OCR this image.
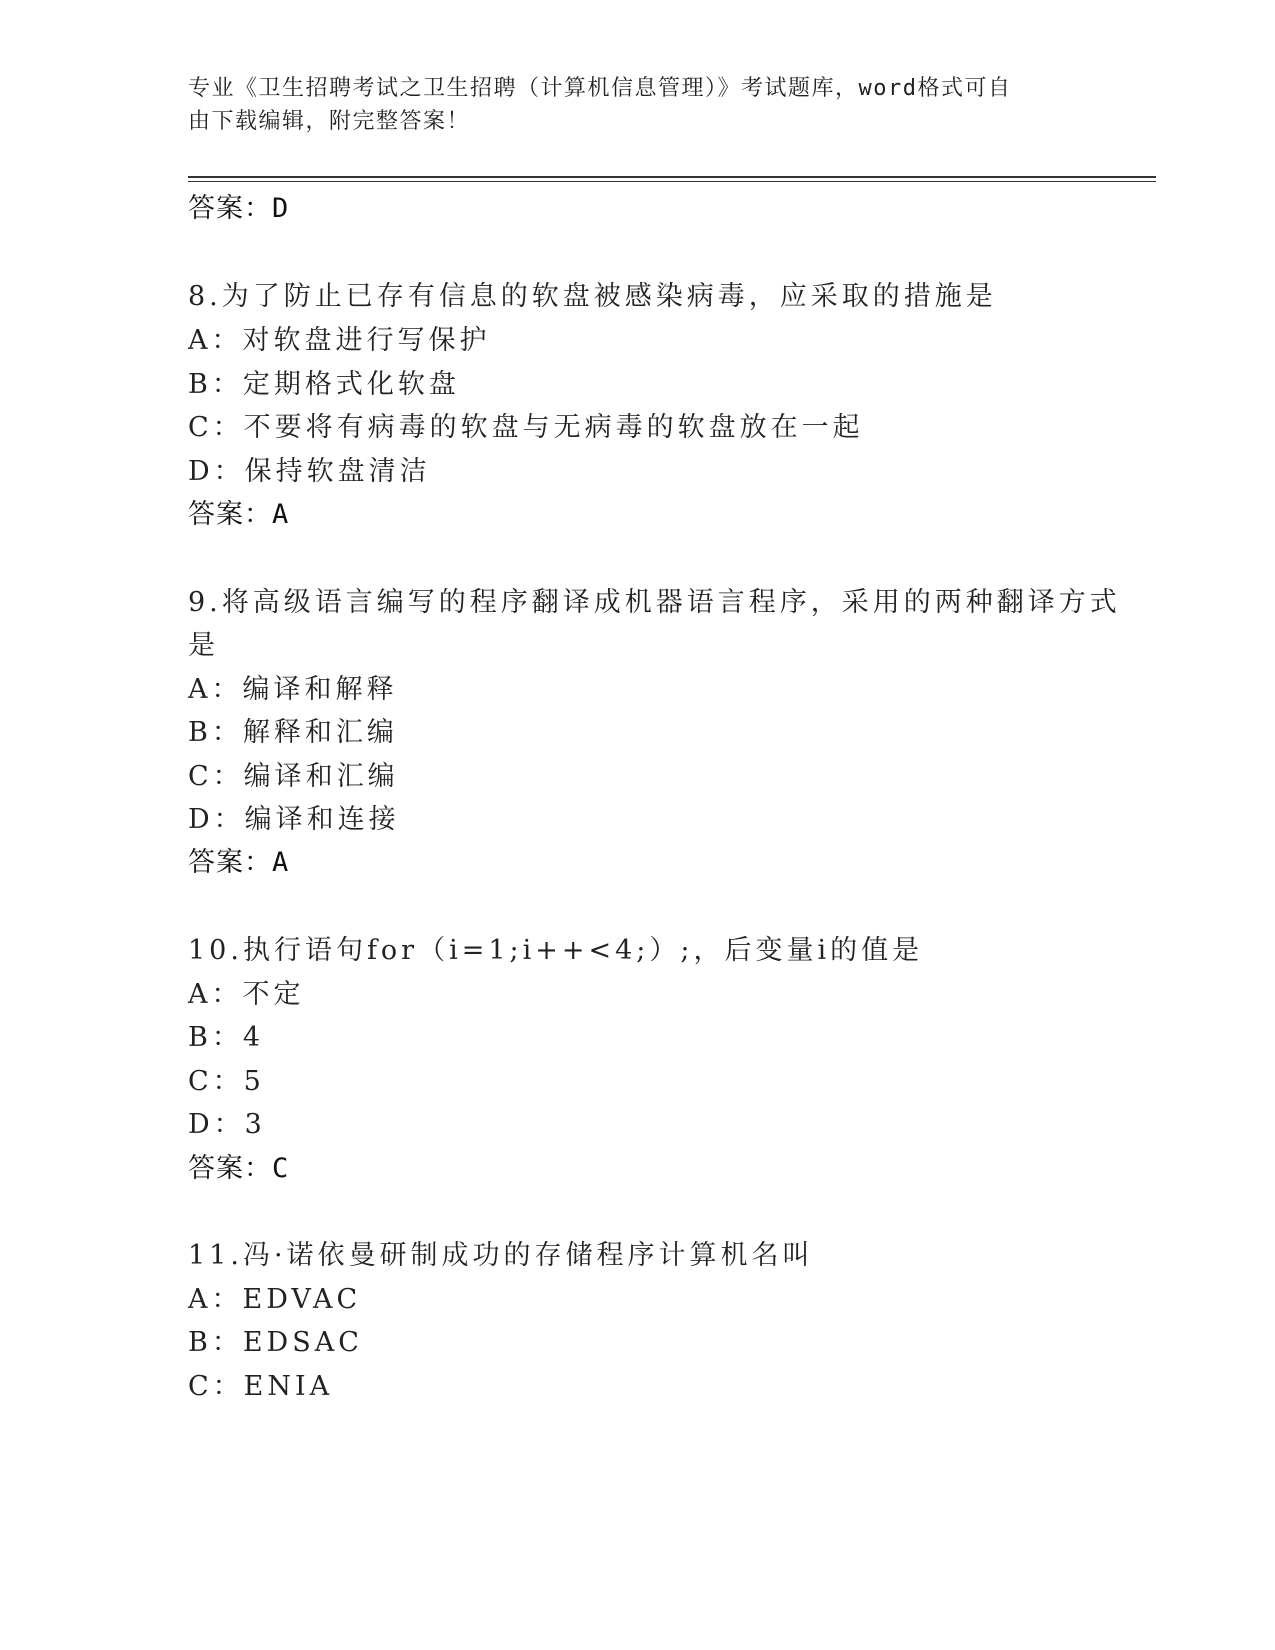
专业《卫生招聘考试之卫生招聘（计算机信息管理）》考试题库，word格式可自
由下载编辑，附完整答案！
答案：D
8.为了防止已存有信息的软盘被感染病毒，应采取的措施是
A：对软盘进行写保护
B：定期格式化软盘
C：不要将有病毒的软盘与无病毒的软盘放在一起
D：保持软盘清洁
答案：A
9.将高级语言编写的程序翻译成机器语言程序，采用的两种翻译方式
是
A：编译和解释
B：解释和汇编
C：编译和汇编
D：编译和连接
答案：A
10.执行语句for（i=1;i++<4;）;，后变量i的值是
A：不定
B：4
C：5
D：3
答案：C
11.冯·诺依曼研制成功的存储程序计算机名叫
A：EDVAC
B：EDSAC
C：ENIA
